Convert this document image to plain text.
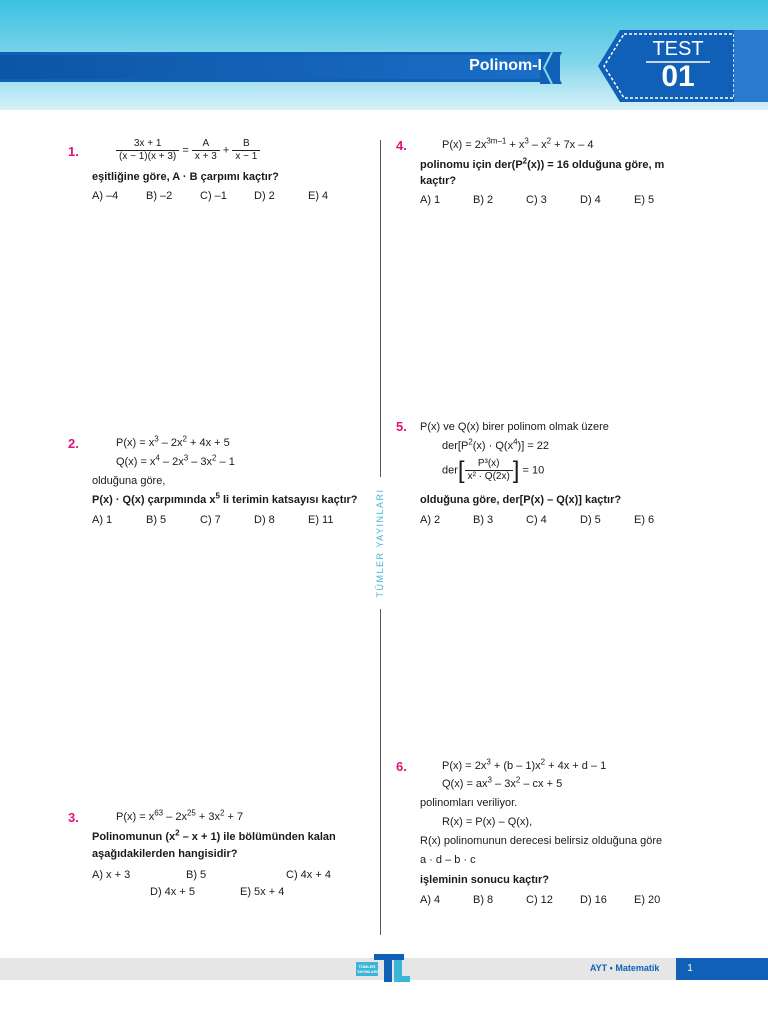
Polinom-I
TEST
01
TÜMLER YAYINLARI
1.	$\frac{3x + 1}{(x - 1)(x + 3)} = \frac{A}{x + 3} + \frac{B}{x - 1}$
eşitliğine göre, A · B çarpımı kaçtır?
A) –4	B) –2	C) –1 D) 2	E) 4
2.	$P(x) = x^3 - 2x^2 + 4x + 5$
$Q(x) = x^4 - 2x^3 - 3x^2 - 1$
olduğuna göre,
P(x) · Q(x) çarpımında $x^5$ li terimin katsayısı kaçtır?
A) 1	B) 5	C) 7	D) 8	E) 11
3.	$P(x) = x^{63} - 2x^{25} + 3x^2 + 7$
Polinomunun $(x^2 - x + 1)$ ile bölümünden kalan
aşağıdakilerden hangisidir?
A) x + 3	B) 5	C) 4x + 4
D) 4x + 5	E) 5x + 4
4.	$P(x) = 2x^{3m-1} + x^3 - x^2 + 7x - 4$
polinomu için $der(P^2(x)) = 16$ olduğuna göre, m
kaçtır?
A) 1	B) 2	C) 3	D) 4	E) 5
5. P(x) ve Q(x) birer polinom olmak üzere
$der[P^2(x) \cdot Q(x^4)] = 22$
$der[ \frac{\text{P³(x)}}{\text{x² · Q(2x)}}$ ] = 10
olduğuna göre, der[P(x) – Q(x)] kaçtır?
A) 2	B) 3	C) 4	D) 5	E) 6
6.	$P(x) = 2x^3 + (b - 1)x^2 + 4x + d - 1$
$Q(x) = ax^3 - 3x^2$ – cx + 5
polinomları veriliyor.
R(x) = P(x) – Q(x),
R(x) polinomunun derecesi belirsiz olduğuna göre
a · d – b · c
işleminin sonucu kaçtır?
A) 4	B) 8	C) 12 D) 16 E) 20
TÜMLER YAYINLARI	AYT • Matematik	1
